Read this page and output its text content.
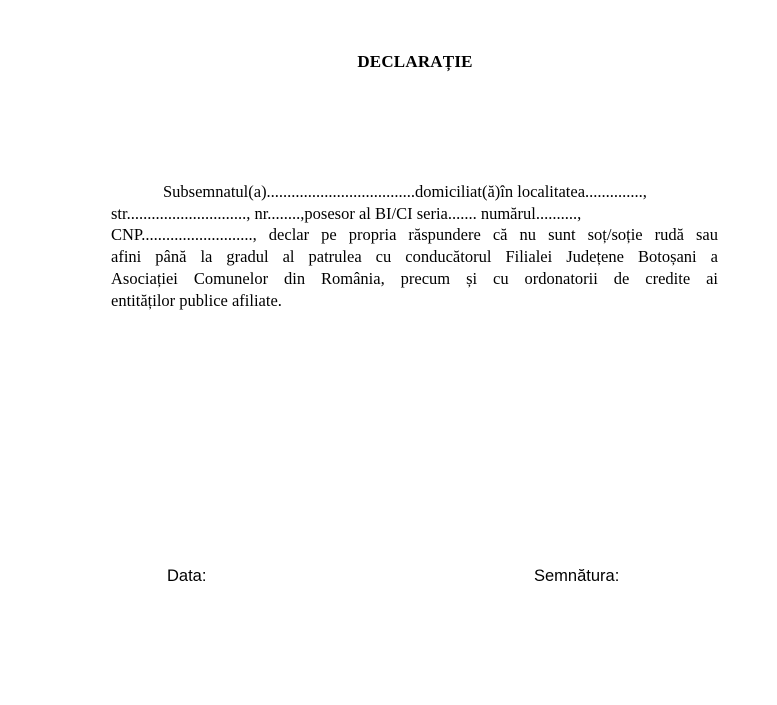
DECLARAȚIE
Subsemnatul(a)....................................domiciliat(ă)în localitatea..............,
str............................., nr........,posesor al BI/CI seria....... numărul..........,
CNP..........................., declar pe propria răspundere că nu sunt soț/soție rudă sau
afini până la gradul al patrulea cu conducătorul Filialei Județene Botoșani a
Asociației Comunelor din România, precum și cu ordonatorii de credite ai
entităților publice afiliate.
Data:	Semnătura:
